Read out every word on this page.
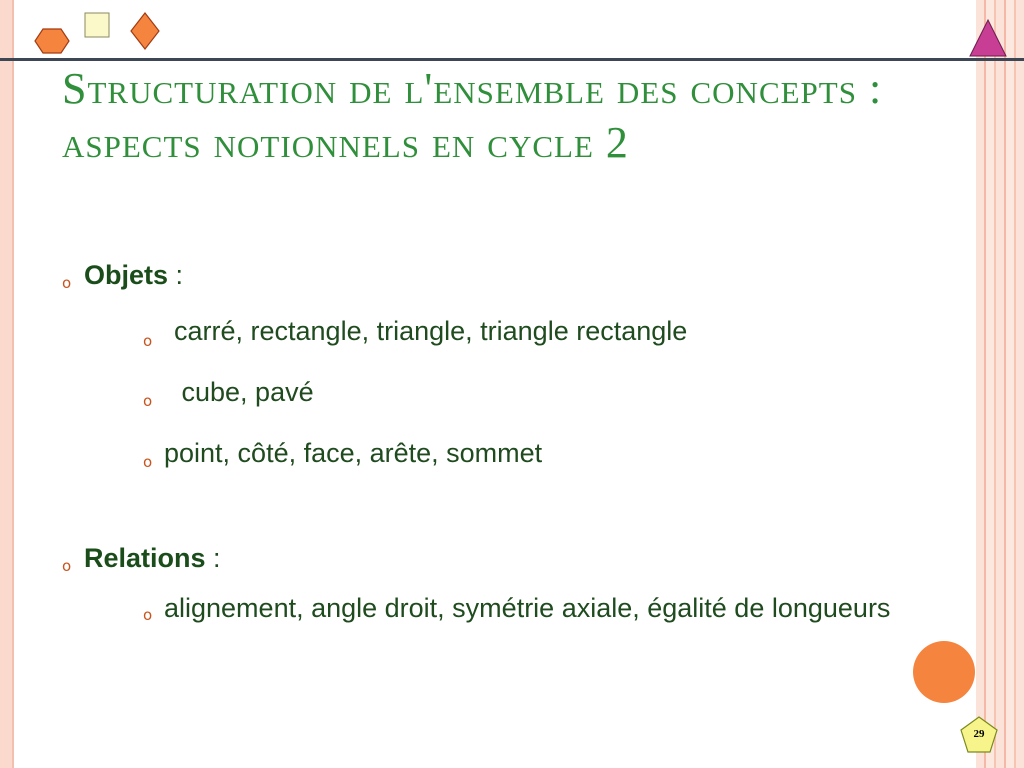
Structuration de l'ensemble des concepts : aspects notionnels en cycle 2
o Objets :
o carré, rectangle, triangle, triangle rectangle
o cube, pavé
o point, côté, face, arête, sommet
o Relations :
o alignement, angle droit, symétrie axiale, égalité de longueurs
29
